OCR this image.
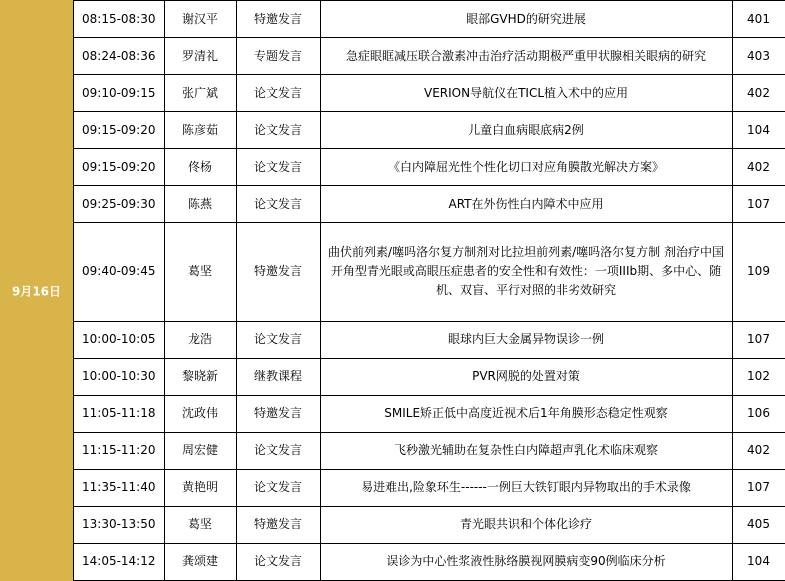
9月16日
08:15-08:30	谢汉平	特邀发言	眼部GVHD的研究进展	401
08:24-08:36	罗清礼	专题发言	急症眼眶减压联合激素冲击治疗活动期极严重甲状腺相关眼病的研究	403
09:10-09:15	张广斌	论文发言	VERION导航仪在TICL植入术中的应用	402
09:15-09:20	陈彦茹	论文发言	儿童白血病眼底病2例	104
09:15-09:20	佟杨	论文发言	《白内障屈光性个性化切口对应角膜散光解决方案》	402
09:25-09:30	陈燕	论文发言	ART在外伤性白内障术中应用	107
09:40-09:45	葛坚	特邀发言	曲伏前列素/噻吗洛尔复方制剂对比拉坦前列素/噻吗洛尔复方制 剂治疗中国开角型青光眼或高眼压症患者的安全性和有效性：一项IIIb期、多中心、随机、双盲、平行对照的非劣效研究	109
10:00-10:05	龙浩	论文发言	眼球内巨大金属异物误诊一例	107
10:00-10:30	黎晓新	继教课程	PVR网脱的处置对策	102
11:05-11:18	沈政伟	特邀发言	SMILE矫正低中高度近视术后1年角膜形态稳定性观察	106
11:15-11:20	周宏健	论文发言	飞秒激光辅助在复杂性白内障超声乳化术临床观察	402
11:35-11:40	黄艳明	论文发言	易进难出,险象环生------一例巨大铁钉眼内异物取出的手术录像	107
13:30-13:50	葛坚	特邀发言	青光眼共识和个体化诊疗	405
14:05-14:12	龚颂建	论文发言	误诊为中心性浆液性脉络膜视网膜病变90例临床分析	104
